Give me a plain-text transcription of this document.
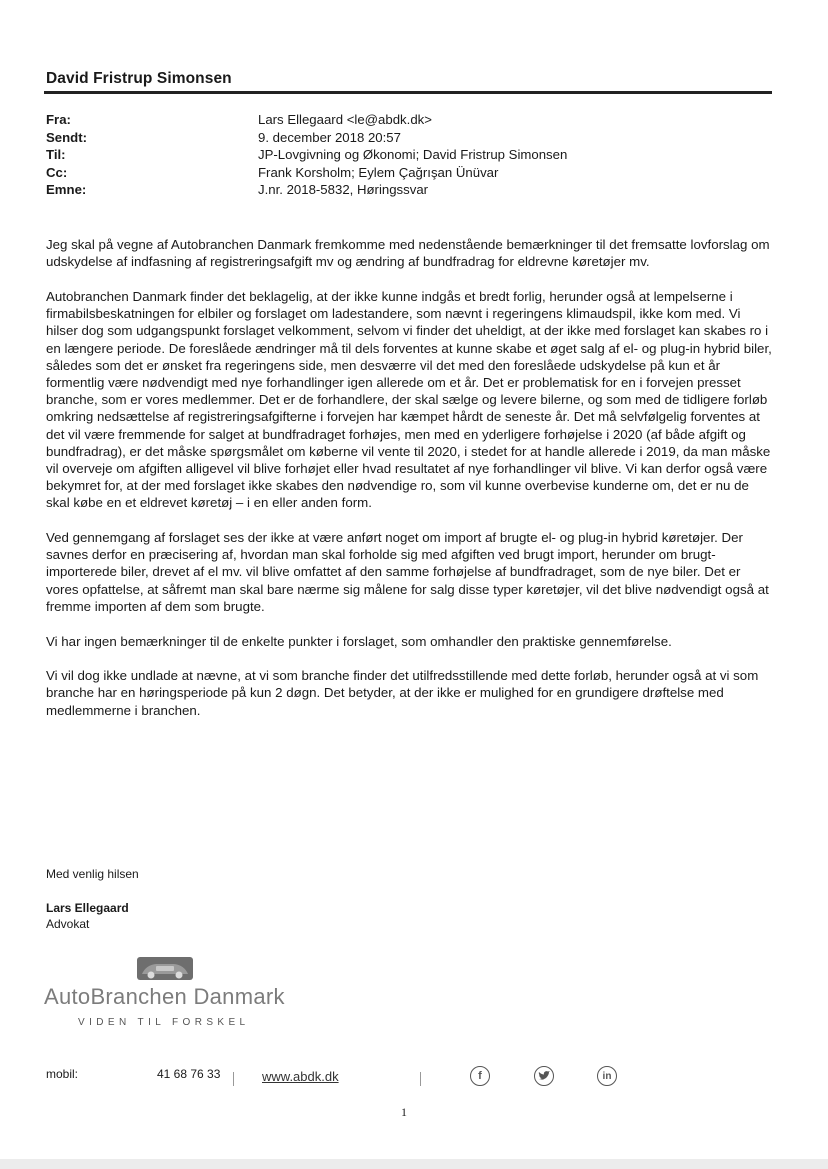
David Fristrup Simonsen
Fra:	Lars Ellegaard <le@abdk.dk>
Sendt:	9. december 2018 20:57
Til:	JP-Lovgivning og Økonomi; David Fristrup Simonsen
Cc:	Frank Korsholm; Eylem Çağrışan Ünüvar
Emne:	J.nr. 2018-5832, Høringssvar

Jeg skal på vegne af Autobranchen Danmark fremkomme med nedenstående bemærkninger til det fremsatte lovforslag om udskydelse af indfasning af registreringsafgift mv og ændring af bundfradrag for eldrevne køretøjer mv.

Autobranchen Danmark finder det beklagelig, at der ikke kunne indgås et bredt forlig, herunder også at lempelserne i firmabilsbeskatningen for elbiler og forslaget om ladestandere, som nævnt i regeringens klimaudspil, ikke kom med. Vi hilser dog som udgangspunkt forslaget velkomment, selvom vi finder det uheldigt, at der ikke med forslaget kan skabes ro i en længere periode. De foreslåede ændringer må til dels forventes at kunne skabe et øget salg af el- og plug-in hybrid biler, således som det er ønsket fra regeringens side, men desværre vil det med den foreslåede udskydelse på kun et år formentlig være nødvendigt med nye forhandlinger igen allerede om et år. Det er problematisk for en i forvejen presset branche, som er vores medlemmer. Det er de forhandlere, der skal sælge og levere bilerne, og som med de tidligere forløb omkring nedsættelse af registreringsafgifterne i forvejen har kæmpet hårdt de seneste år. Det må selvfølgelig forventes at det vil være fremmende for salget at bundfradraget forhøjes, men med en yderligere forhøjelse i 2020 (af både afgift og bundfradrag), er det måske spørgsmålet om køberne vil vente til 2020, i stedet for at handle allerede i 2019, da man måske vil overveje om afgiften alligevel vil blive forhøjet eller hvad resultatet af nye forhandlinger vil blive. Vi kan derfor også være bekymret for, at der med forslaget ikke skabes den nødvendige ro, som vil kunne overbevise kunderne om, det er nu de skal købe en et eldrevet køretøj – i en eller anden form.

Ved gennemgang af forslaget ses der ikke at være anført noget om import af brugte el- og plug-in hybrid køretøjer. Der savnes derfor en præcisering af, hvordan man skal forholde sig med afgiften ved brugt import, herunder om brugt-importerede biler, drevet af el mv. vil blive omfattet af den samme forhøjelse af bundfradraget, som de nye biler. Det er vores opfattelse, at såfremt man skal bare nærme sig målene for salg disse typer køretøjer, vil det blive nødvendigt også at fremme importen af dem som brugte.

Vi har ingen bemærkninger til de enkelte punkter i forslaget, som omhandler den praktiske gennemførelse.

Vi vil dog ikke undlade at nævne, at vi som branche finder det utilfredsstillende med dette forløb, herunder også at vi som branche har en høringsperiode på kun 2 døgn. Det betyder, at der ikke er mulighed for en grundigere drøftelse med medlemmerne i branchen.

Med venlig hilsen
Lars Ellegaard
Advokat
AutoBranchen Danmark
VIDEN TIL FORSKEL
mobil:	41 68 76 33	www.abdk.dk	f	in
1
